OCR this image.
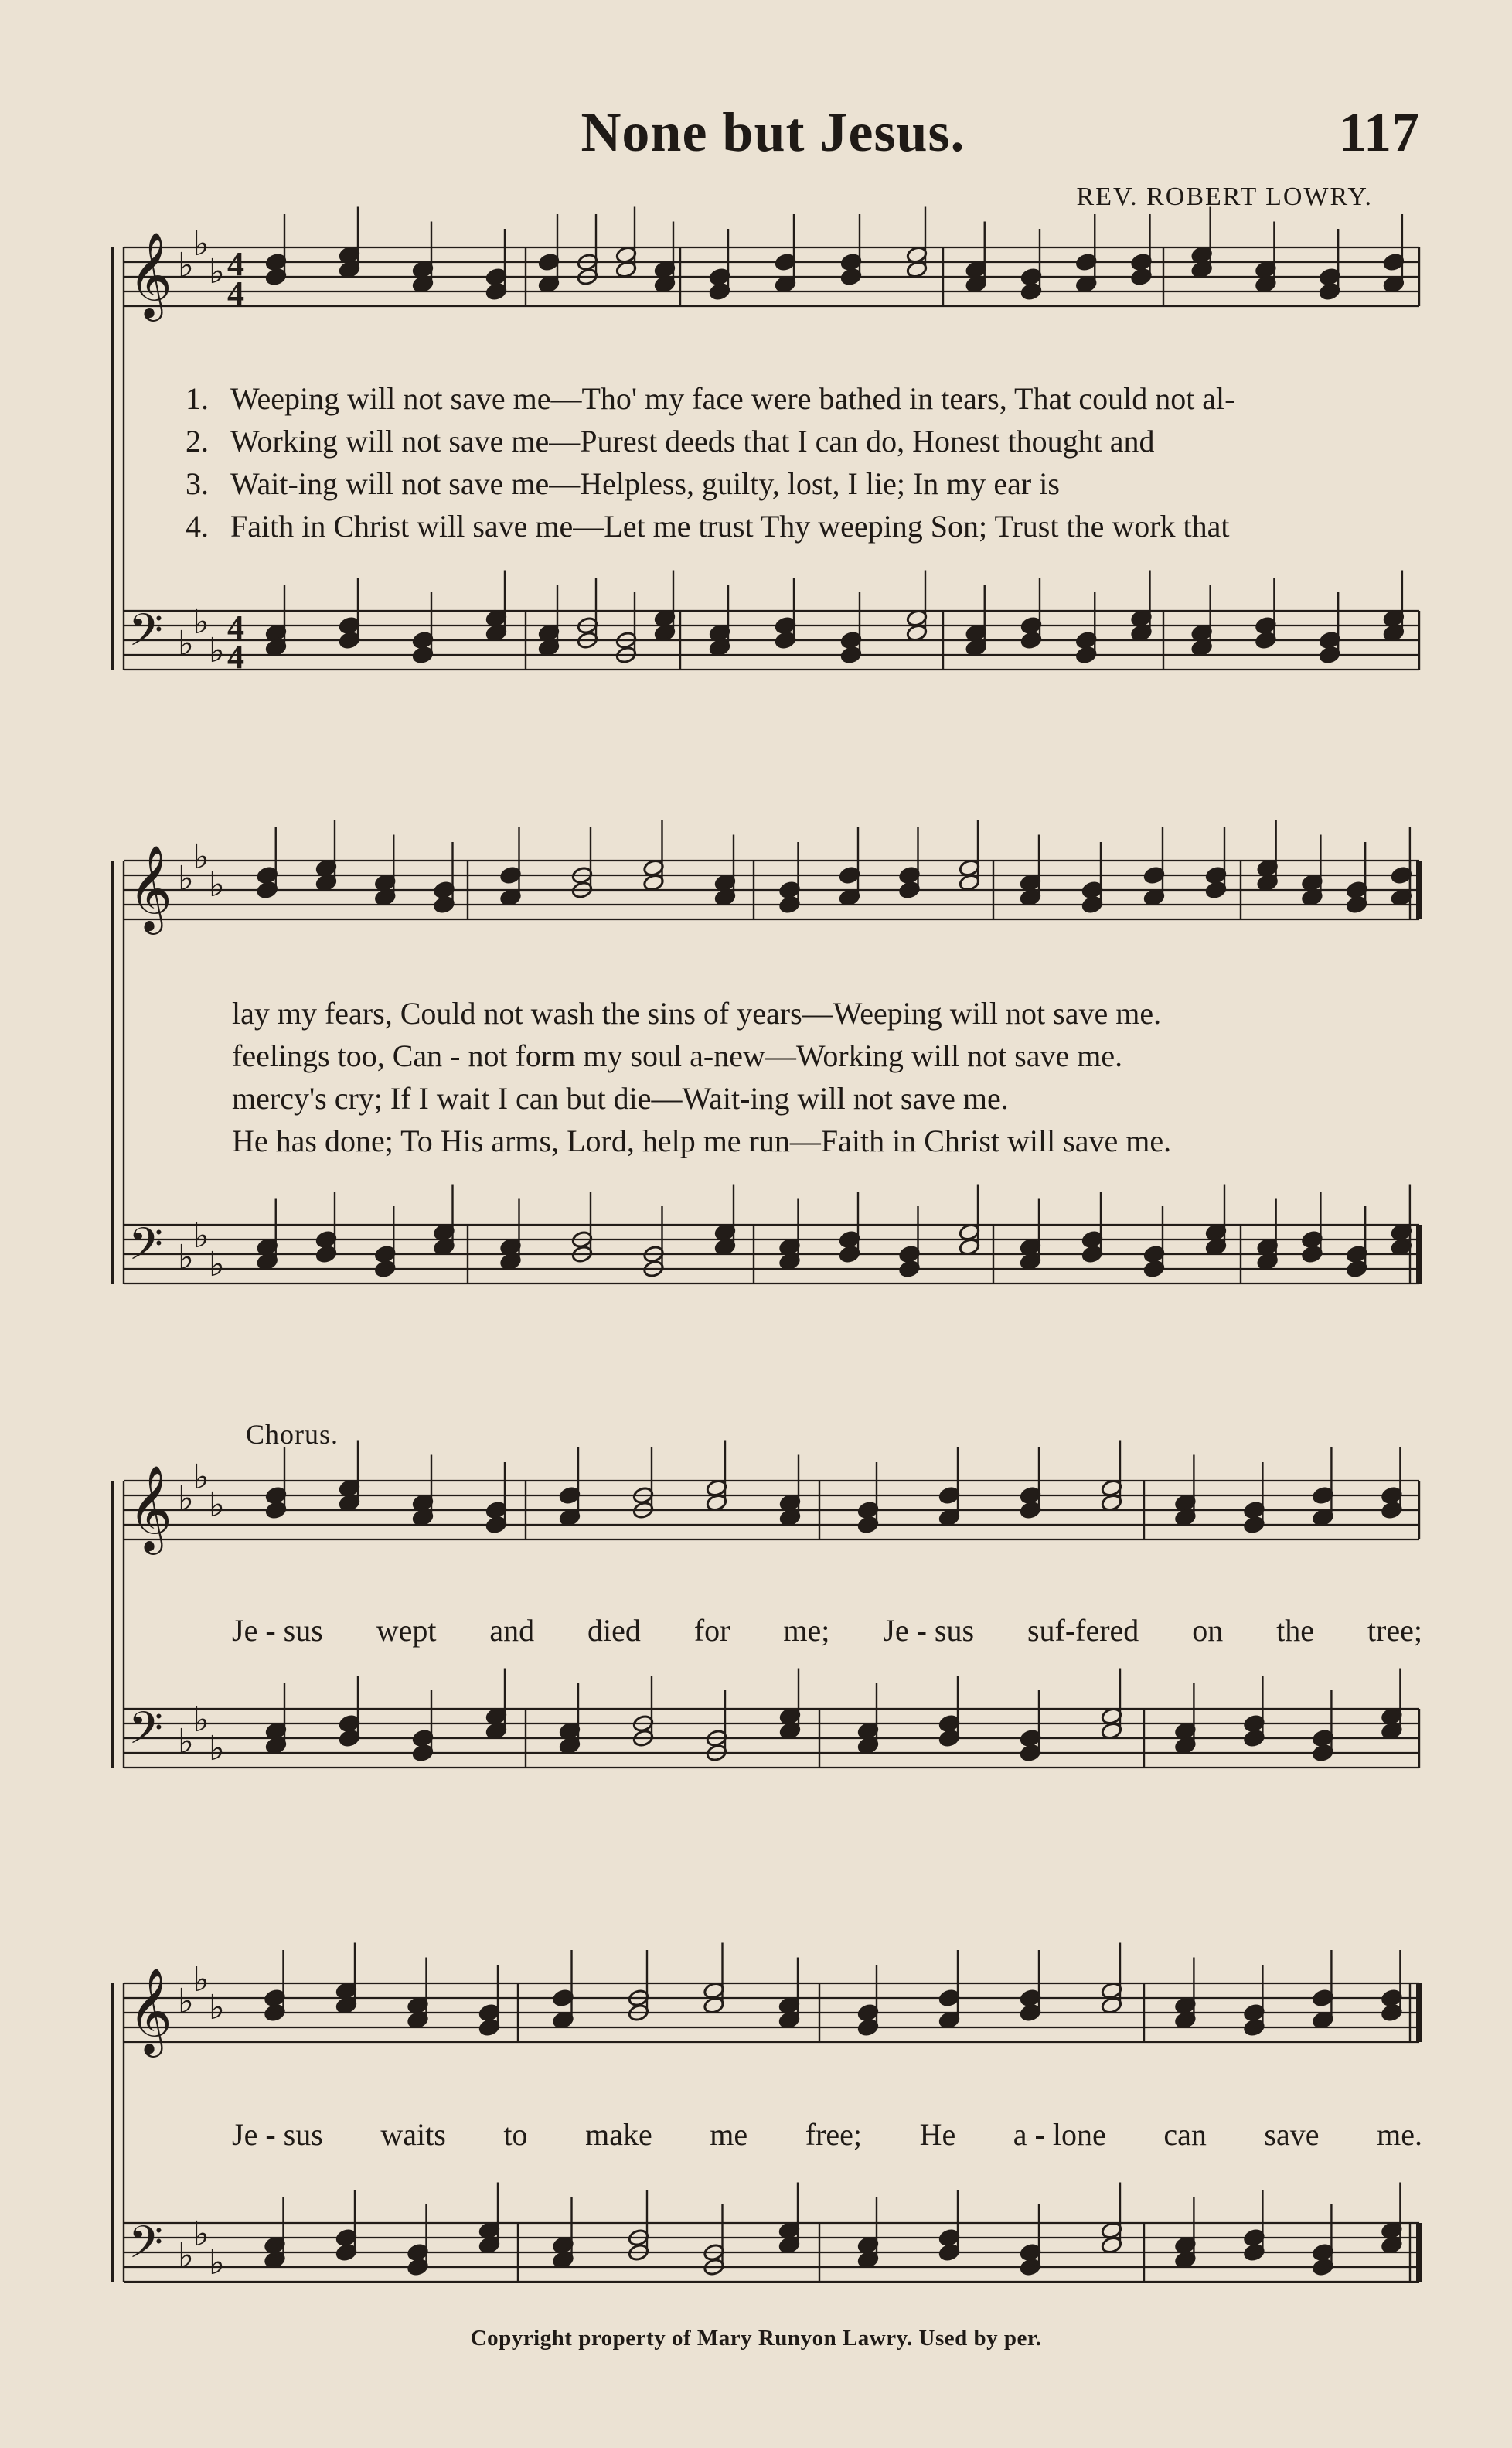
None but Jesus.	117
REV. ROBERT LOWRY.
𝄞 ♭
♭
♭
𝄢 ♭
♭
♭
𝄞 ♭
♭
♭
𝄢 ♭
♭
♭
𝄞 ♭
♭
♭
𝄢 ♭
♭
♭
𝄞 ♭
♭
♭
𝄢 ♭
♭
♭
4
4
4
4
1. Weeping will not save me—Tho' my face were bathed in tears, That could not al-
2. Working will not save me—Purest deeds that I can do, Honest thought and
3. Wait-ing will not save me—Helpless, guilty, lost, I lie; In my ear is
4. Faith in Christ will save me—Let me trust Thy weeping Son; Trust the work that
lay my fears, Could not wash the sins of years—Weeping will not save me.
feelings too, Can - not form my soul a-new—Working will not save me.
mercy's cry; If I wait I can but die—Wait-ing will not save me.
He has done; To His arms, Lord, help me run—Faith in Christ will save me.
Chorus.
Je - sus wept and died for me; Je - sus suf-fered on the tree;
Je - sus waits to make me free; He a - lone can save me.
Copyright property of Mary Runyon Lawry. Used by per.
